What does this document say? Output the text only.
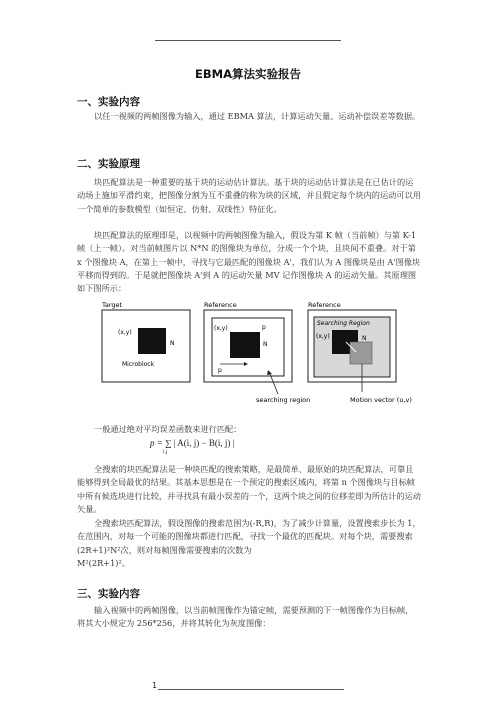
EBMA算法实验报告
一、实验内容
以任一视频的两帧图像为输入，通过 EBMA 算法，计算运动矢量、运动补偿误差等数据。
二、实验原理
块匹配算法是一种重要的基于块的运动估计算法。基于块的运动估计算法是在已估计的运动场上施加平滑约束，把图像分割为互不重叠的称为块的区域，并且假定每个块内的运动可以用一个简单的参数模型（如恒定、仿射、双线性）特征化。
块匹配算法的原理即是，以视频中的两帧图像为输入，假设为第 K 帧（当前帧）与第 K-1 帧（上一帧）。对当前帧图片以 N*N 的图像块为单位，分成一个个块，且块间不重叠。对于第 x 个图像块 A，在第上一帧中，寻找与它最匹配的图像块 A'，我们认为 A 图像块是由 A'图像块平移而得到的。于是就把图像块 A'到 A 的运动矢量 MV 记作图像块 A 的运动矢量。其原理图如下图所示：
Target
(x,y)
N
Microblock
Reference
(x,y)	p
N
p
searching region
Reference
Searching Region
(x,y)	N
Motion vector (u,v)
一般通过绝对平均误差函数来进行匹配：
p = ∑ | A(i, j) − B(i, j) |
i,j
全搜索的块匹配算法是一种块匹配的搜索策略，是最简单、最原始的块匹配算法，可靠且能够得到全局最优的结果。其基本思想是在一个预定的搜索区域内，将第 n 个图像块与目标帧中所有候选块进行比较，并寻找具有最小误差的一个，这两个块之间的位移差即为所估计的运动矢量。
全搜索块匹配算法，假设图像的搜索范围为(-R,R)，为了减少计算量，设置搜索步长为 1，在范围内，对每一个可能的图像块都进行匹配，寻找一个最优的匹配块。对每个块，需要搜索(2R+1)²N²次，则对每帧图像需要搜索的次数为
M²(2R+1)²。
三、实验内容
输入视频中的两帧图像，以当前帧图像作为锚定帧，需要预测的下一帧图像作为目标帧，将其大小规定为 256*256，并将其转化为灰度图像：
1
